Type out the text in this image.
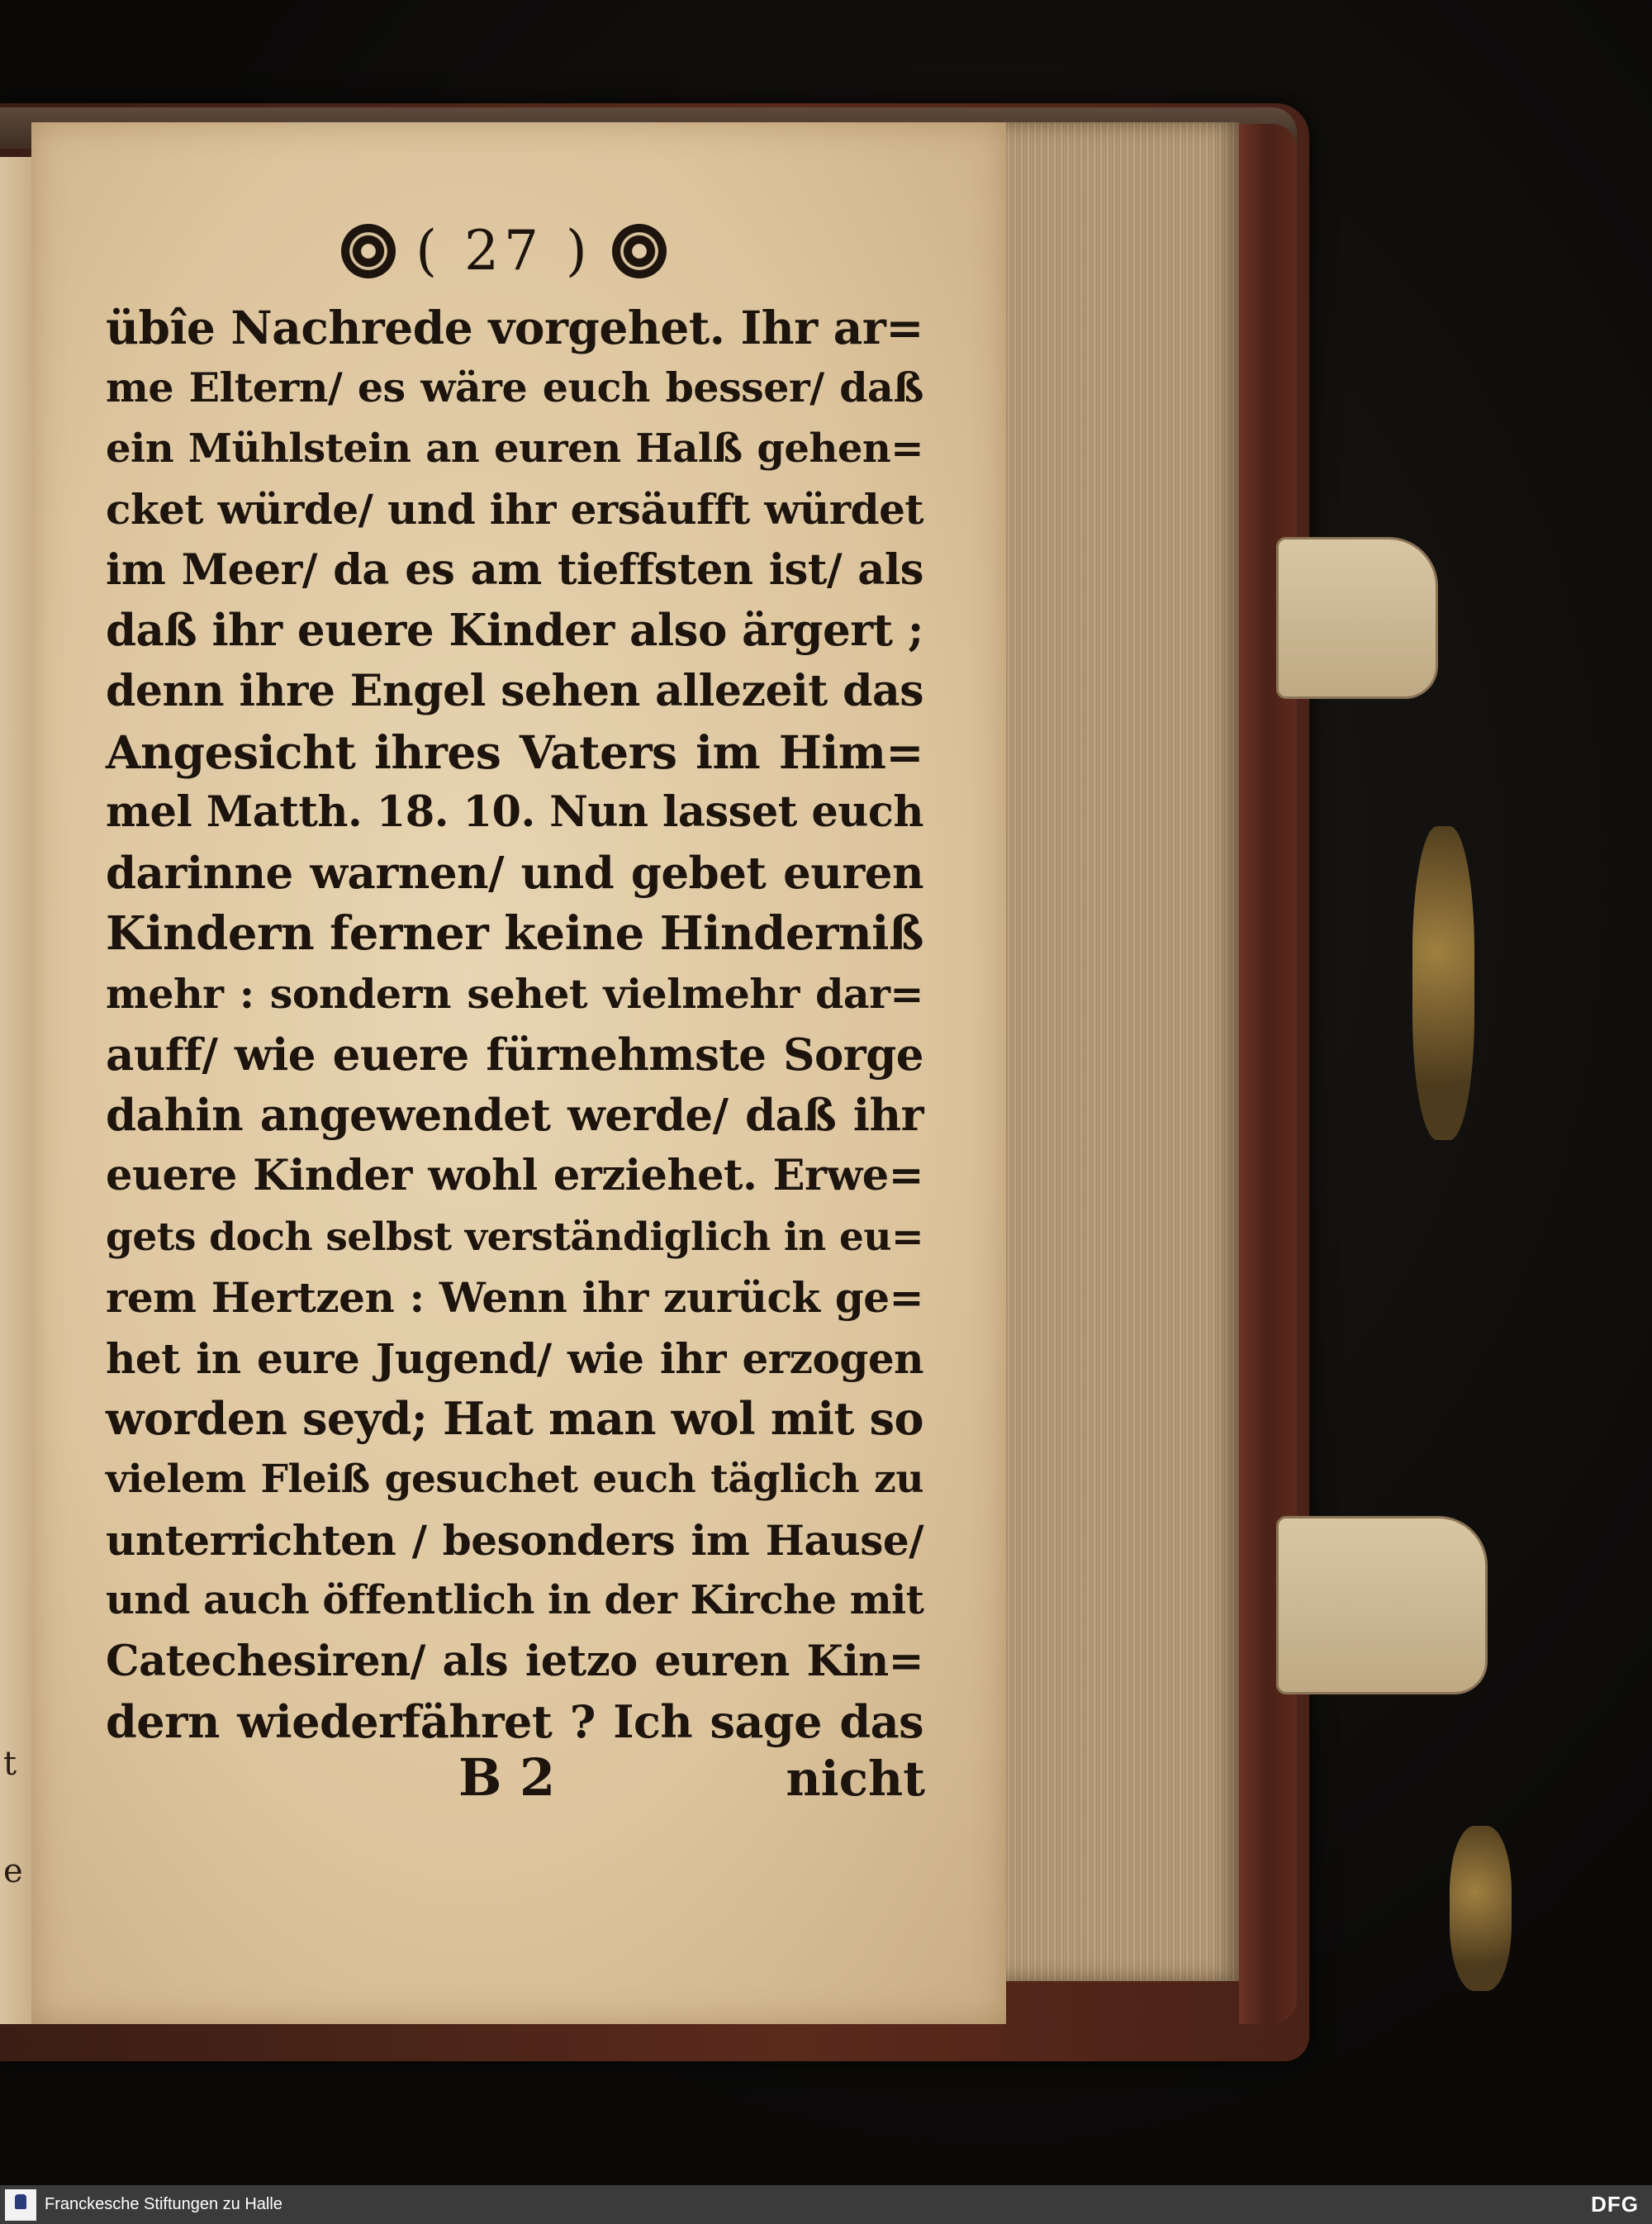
t
e
( 27 )
übîe Nachrede vorgehet. Ihr ar=
me Eltern/ es wäre euch besser/ daß
ein Mühlstein an euren Halß gehen=
cket würde/ und ihr ersäufft würdet
im Meer/ da es am tieffsten ist/ als
daß ihr euere Kinder also ärgert ;
denn ihre Engel sehen allezeit das
Angesicht ihres Vaters im Him=
mel Matth. 18. 10. Nun lasset euch
darinne warnen/ und gebet euren
Kindern ferner keine Hinderniß
mehr : sondern sehet vielmehr dar=
auff/ wie euere fürnehmste Sorge
dahin angewendet werde/ daß ihr
euere Kinder wohl erziehet. Erwe=
gets doch selbst verständiglich in eu=
rem Hertzen : Wenn ihr zurück ge=
het in eure Jugend/ wie ihr erzogen
worden seyd; Hat man wol mit so
vielem Fleiß gesuchet euch täglich zu
unterrichten / besonders im Hause/
und auch öffentlich in der Kirche mit
Catechesiren/ als ietzo euren Kin=
dern wiederfähret ? Ich sage das
B 2	nicht
Franckesche Stiftungen zu Halle	DFG
